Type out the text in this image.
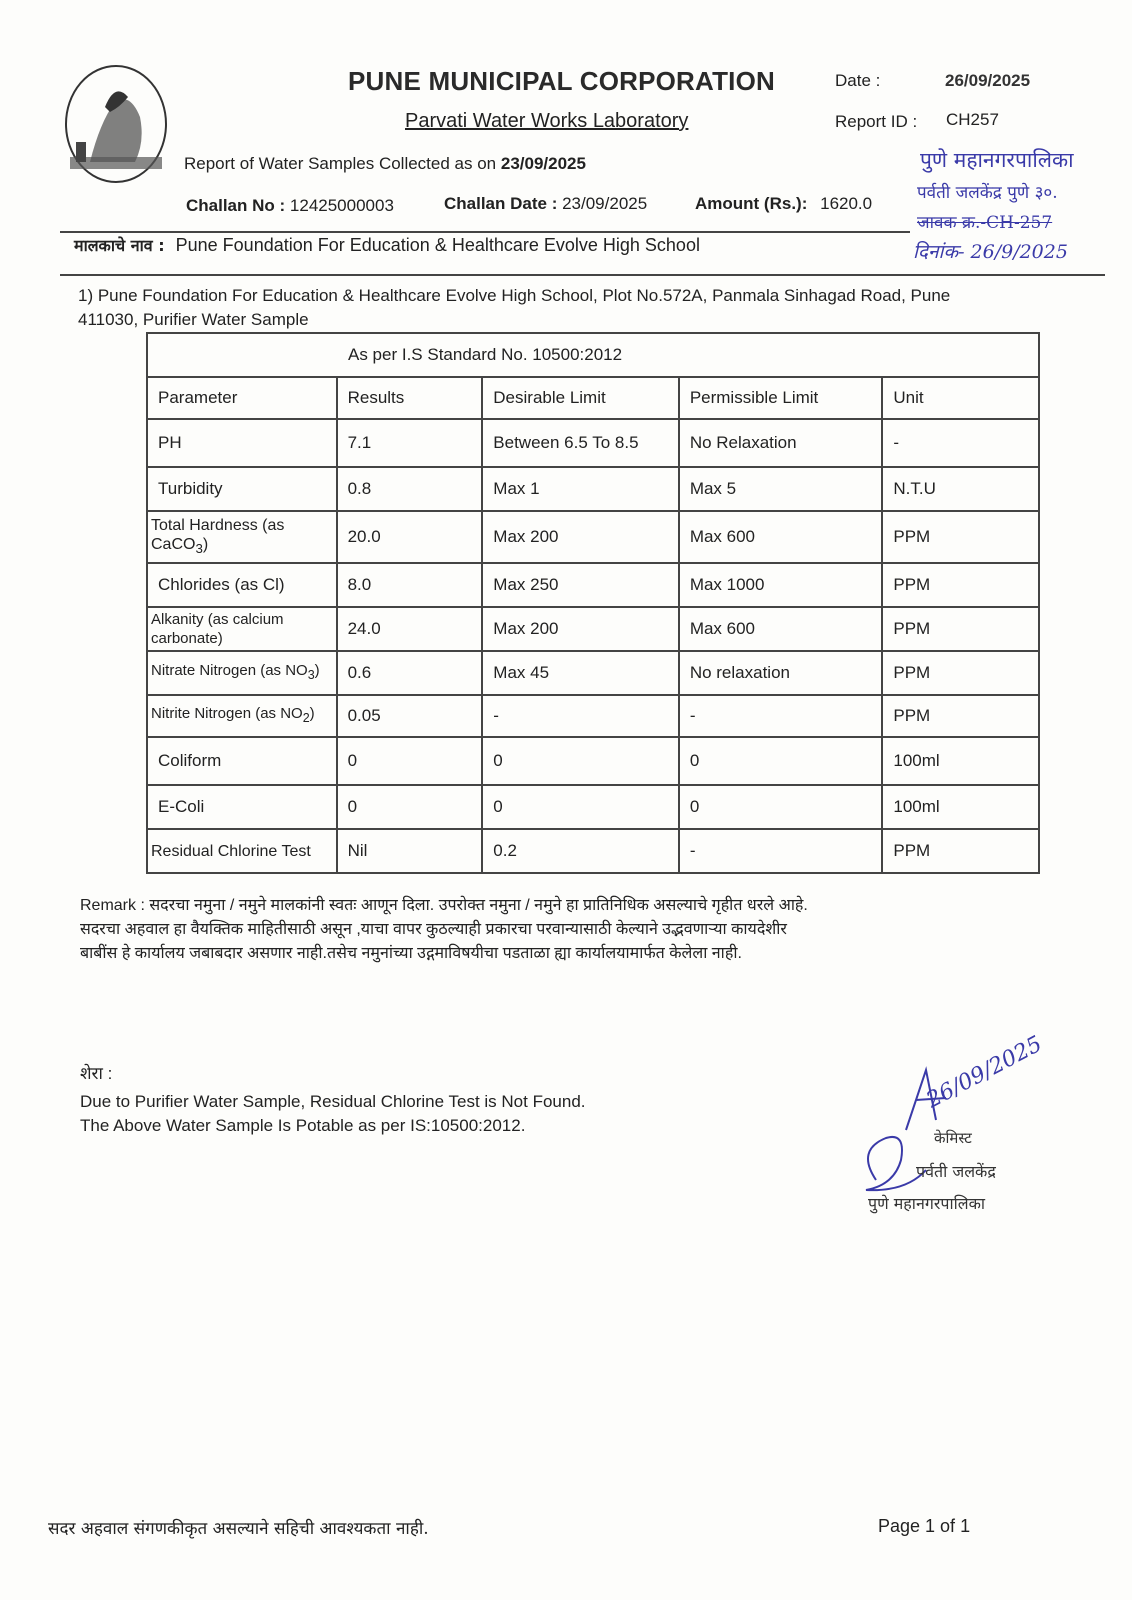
PUNE MUNICIPAL CORPORATION
Parvati Water Works Laboratory
Date :	26/09/2025
Report ID : CH257
Report of Water Samples Collected as on 23/09/2025
Challan No : 12425000003	Challan Date : 23/09/2025	Amount (Rs.): 1620.0
पुणे महानगरपालिका
पर्वती जलकेंद्र पुणे ३०.
जावक क्र.-CH-257
दिनांक- 26/9/2025
मालकाचे नाव : Pune Foundation For Education & Healthcare Evolve High School
1) Pune Foundation For Education & Healthcare Evolve High School, Plot No.572A, Panmala Sinhagad Road, Pune
411030, Purifier Water Sample
As per I.S Standard No. 10500:2012				
Parameter	Results	Desirable Limit	Permissible Limit	Unit
PH	7.1	Between 6.5 To 8.5	No Relaxation	-
Turbidity	0.8	Max 1	Max 5	N.T.U
Total Hardness (as CaCO$_3$)	20.0	Max 200	Max 600	PPM
Chlorides (as Cl)	8.0	Max 250	Max 1000	PPM
Alkanity (as calcium carbonate)	24.0	Max 200	Max 600	PPM
Nitrate Nitrogen (as $NO_3$)	0.6	Max 45	No relaxation	PPM
Nitrite Nitrogen (as $NO_2$)	0.05	-	-	PPM
Coliform	0	0	0	100ml
E-Coli	0	0	0	100ml
Residual Chlorine Test	Nil	0.2	-	PPM
Remark : सदरचा नमुना / नमुने मालकांनी स्वतः आणून दिला. उपरोक्त नमुना / नमुने हा प्रातिनिधिक असल्याचे गृहीत धरले आहे.
सदरचा अहवाल हा वैयक्तिक माहितीसाठी असून ,याचा वापर कुठल्याही प्रकारचा परवान्यासाठी केल्याने उद्भवणाऱ्या कायदेशीर
बाबींस हे कार्यालय जबाबदार असणार नाही.तसेच नमुनांच्या उद्गमाविषयीचा पडताळा ह्या कार्यालयामार्फत केलेला नाही.
शेरा :
Due to Purifier Water Sample, Residual Chlorine Test is Not Found.
The Above Water Sample Is Potable as per IS:10500:2012.
26/09/2025
केमिस्ट
पर्वती जलकेंद्र
पुणे महानगरपालिका
सदर अहवाल संगणकीकृत असल्याने सहिची आवश्यकता नाही.	Page 1 of 1
